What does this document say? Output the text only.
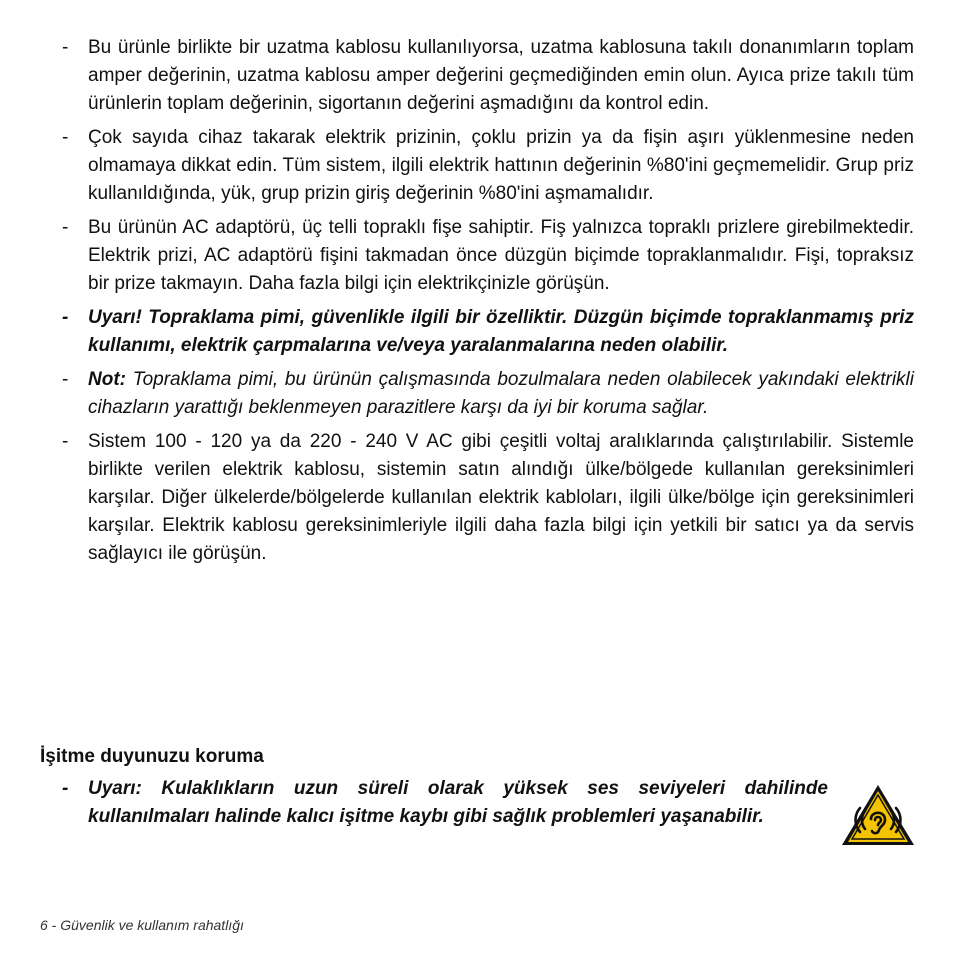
-	Bu ürünle birlikte bir uzatma kablosu kullanılıyorsa, uzatma kablosuna takılı donanımların toplam amper değerinin, uzatma kablosu amper değerini geçmediğinden emin olun. Ayıca prize takılı tüm ürünlerin toplam değerinin, sigortanın değerini aşmadığını da kontrol edin.
-	Çok sayıda cihaz takarak elektrik prizinin, çoklu prizin ya da fişin aşırı yüklenmesine neden olmamaya dikkat edin. Tüm sistem, ilgili elektrik hattının değerinin %80'ini geçmemelidir. Grup priz kullanıldığında, yük, grup prizin giriş değerinin %80'ini aşmamalıdır.
-	Bu ürünün AC adaptörü, üç telli topraklı fişe sahiptir. Fiş yalnızca topraklı prizlere girebilmektedir. Elektrik prizi, AC adaptörü fişini takmadan önce düzgün biçimde topraklanmalıdır. Fişi, topraksız bir prize takmayın. Daha fazla bilgi için elektrikçinizle görüşün.
-	Uyarı! Topraklama pimi, güvenlikle ilgili bir özelliktir. Düzgün biçimde topraklanmamış priz kullanımı, elektrik çarpmalarına ve/veya yaralanmalarına neden olabilir.
-	Not: Topraklama pimi, bu ürünün çalışmasında bozulmalara neden olabilecek yakındaki elektrikli cihazların yarattığı beklenmeyen parazitlere karşı da iyi bir koruma sağlar.
-	Sistem 100 - 120 ya da 220 - 240 V AC gibi çeşitli voltaj aralıklarında çalıştırılabilir. Sistemle birlikte verilen elektrik kablosu, sistemin satın alındığı ülke/bölgede kullanılan gereksinimleri karşılar. Diğer ülkelerde/bölgelerde kullanılan elektrik kabloları, ilgili ülke/bölge için gereksinimleri karşılar. Elektrik kablosu gereksinimleriyle ilgili daha fazla bilgi için yetkili bir satıcı ya da servis sağlayıcı ile görüşün.
İşitme duyunuzu koruma
-	Uyarı: Kulaklıkların uzun süreli olarak yüksek ses seviyeleri dahilinde kullanılmaları halinde kalıcı işitme kaybı gibi sağlık problemleri yaşanabilir.
6 - Güvenlik ve kullanım rahatlığı
